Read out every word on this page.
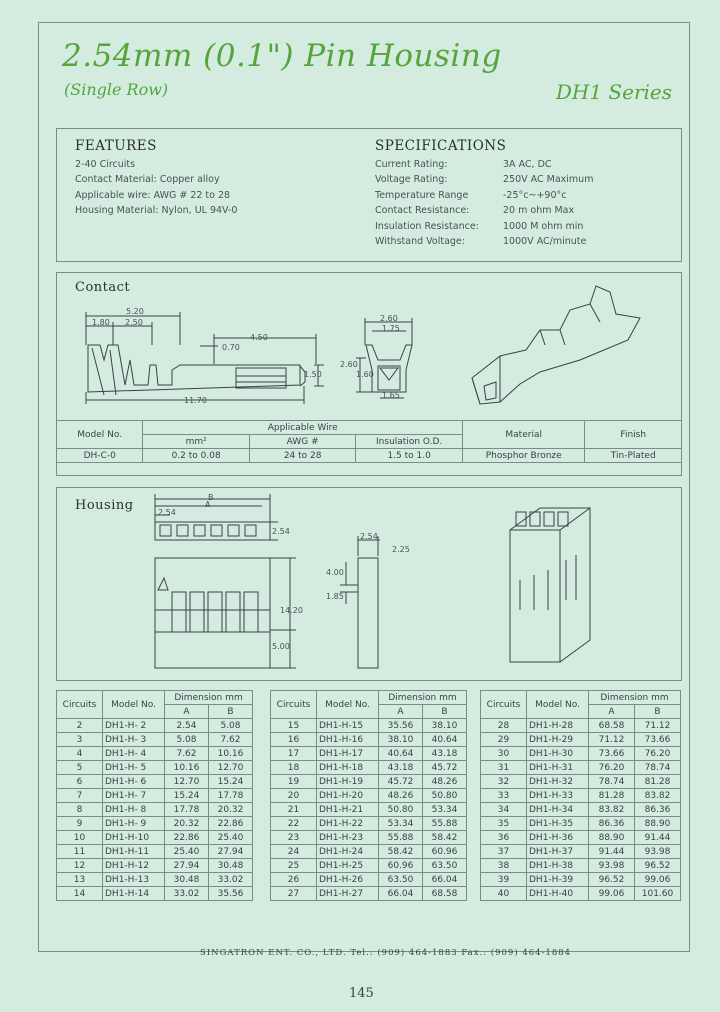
2.54mm (0.1") Pin Housing
(Single Row)	DH1 Series
FEATURES
2-40 Circuits
Contact Material: Copper alloy
Applicable wire: AWG # 22 to 28
Housing Material: Nylon, UL 94V-0
SPECIFICATIONS
Current Rating:	3A AC, DC
Voltage Rating:	250V AC Maximum
Temperature Range	-25°c~+90°c
Contact Resistance:	20 m ohm Max
Insulation Resistance:	1000 M ohm min
Withstand Voltage:	1000V AC/minute
Contact
5.20
1.80 2.50
4.50
0.70
1.50
11.70
2.60
1.75
2.60
1.60
1.65
Model No.	Applicable Wire			Material	Finish
	mm²	AWG #	Insulation O.D.		
DH-C-0	0.2 to 0.08	24 to 28	1.5 to 1.0	Phosphor Bronze	Tin-Plated
Housing
B
A
2.54
2.54
2.54
2.25
4.00
1.85
14.20
5.00
Circuits	Model No.	Dimension mm	
		A	B
2	DH1-H- 2	2.54	5.08
3	DH1-H- 3	5.08	7.62
4	DH1-H- 4	7.62	10.16
5	DH1-H- 5	10.16	12.70
6	DH1-H- 6	12.70	15.24
7	DH1-H- 7	15.24	17.78
8	DH1-H- 8	17.78	20.32
9	DH1-H- 9	20.32	22.86
10	DH1-H-10	22.86	25.40
11	DH1-H-11	25.40	27.94
12	DH1-H-12	27.94	30.48
13	DH1-H-13	30.48	33.02
14	DH1-H-14	33.02	35.56
Circuits	Model No.	Dimension mm	
		A	B
15	DH1-H-15	35.56	38.10
16	DH1-H-16	38.10	40.64
17	DH1-H-17	40.64	43.18
18	DH1-H-18	43.18	45.72
19	DH1-H-19	45.72	48.26
20	DH1-H-20	48.26	50.80
21	DH1-H-21	50.80	53.34
22	DH1-H-22	53.34	55.88
23	DH1-H-23	55.88	58.42
24	DH1-H-24	58.42	60.96
25	DH1-H-25	60.96	63.50
26	DH1-H-26	63.50	66.04
27	DH1-H-27	66.04	68.58
Circuits	Model No.	Dimension mm	
		A	B
28	DH1-H-28	68.58	71.12
29	DH1-H-29	71.12	73.66
30	DH1-H-30	73.66	76.20
31	DH1-H-31	76.20	78.74
32	DH1-H-32	78.74	81.28
33	DH1-H-33	81.28	83.82
34	DH1-H-34	83.82	86.36
35	DH1-H-35	86.36	88.90
36	DH1-H-36	88.90	91.44
37	DH1-H-37	91.44	93.98
38	DH1-H-38	93.98	96.52
39	DH1-H-39	96.52	99.06
40	DH1-H-40	99.06	101.60
SINGATRON ENT. CO., LTD. Tel.: (909) 464-1883 Fax.: (909) 464-1884
145
